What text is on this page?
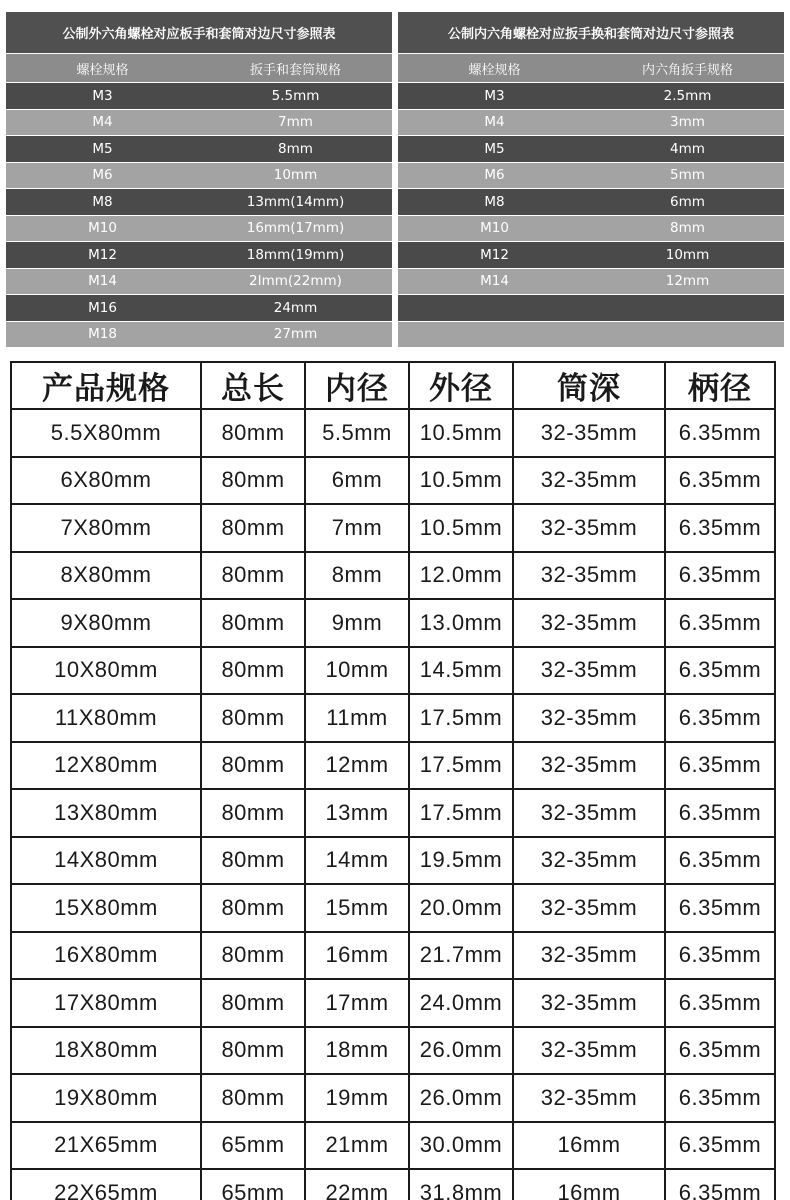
公制外六角螺栓对应板手和套筒对边尺寸参照表
螺栓规格	扳手和套筒规格
M3	5.5mm
M4	7mm
M5	8mm
M6	10mm
M8	13mm(14mm)
M10	16mm(17mm)
M12	18mm(19mm)
M14	2Imm(22mm)
M16	24mm
M18	27mm
公制内六角螺栓对应扳手换和套筒对边尺寸参照表
螺栓规格	内六角扳手规格
M3	2.5mm
M4	3mm
M5	4mm
M6	5mm
M8	6mm
M10	8mm
M12	10mm
M14	12mm
产品规格	总长	内径	外径	筒深	柄径
5.5X80mm	80mm	5.5mm	10.5mm	32-35mm	6.35mm
6X80mm	80mm	6mm	10.5mm	32-35mm	6.35mm
7X80mm	80mm	7mm	10.5mm	32-35mm	6.35mm
8X80mm	80mm	8mm	12.0mm	32-35mm	6.35mm
9X80mm	80mm	9mm	13.0mm	32-35mm	6.35mm
10X80mm	80mm	10mm	14.5mm	32-35mm	6.35mm
11X80mm	80mm	11mm	17.5mm	32-35mm	6.35mm
12X80mm	80mm	12mm	17.5mm	32-35mm	6.35mm
13X80mm	80mm	13mm	17.5mm	32-35mm	6.35mm
14X80mm	80mm	14mm	19.5mm	32-35mm	6.35mm
15X80mm	80mm	15mm	20.0mm	32-35mm	6.35mm
16X80mm	80mm	16mm	21.7mm	32-35mm	6.35mm
17X80mm	80mm	17mm	24.0mm	32-35mm	6.35mm
18X80mm	80mm	18mm	26.0mm	32-35mm	6.35mm
19X80mm	80mm	19mm	26.0mm	32-35mm	6.35mm
21X65mm	65mm	21mm	30.0mm	16mm	6.35mm
22X65mm	65mm	22mm	31.8mm	16mm	6.35mm
